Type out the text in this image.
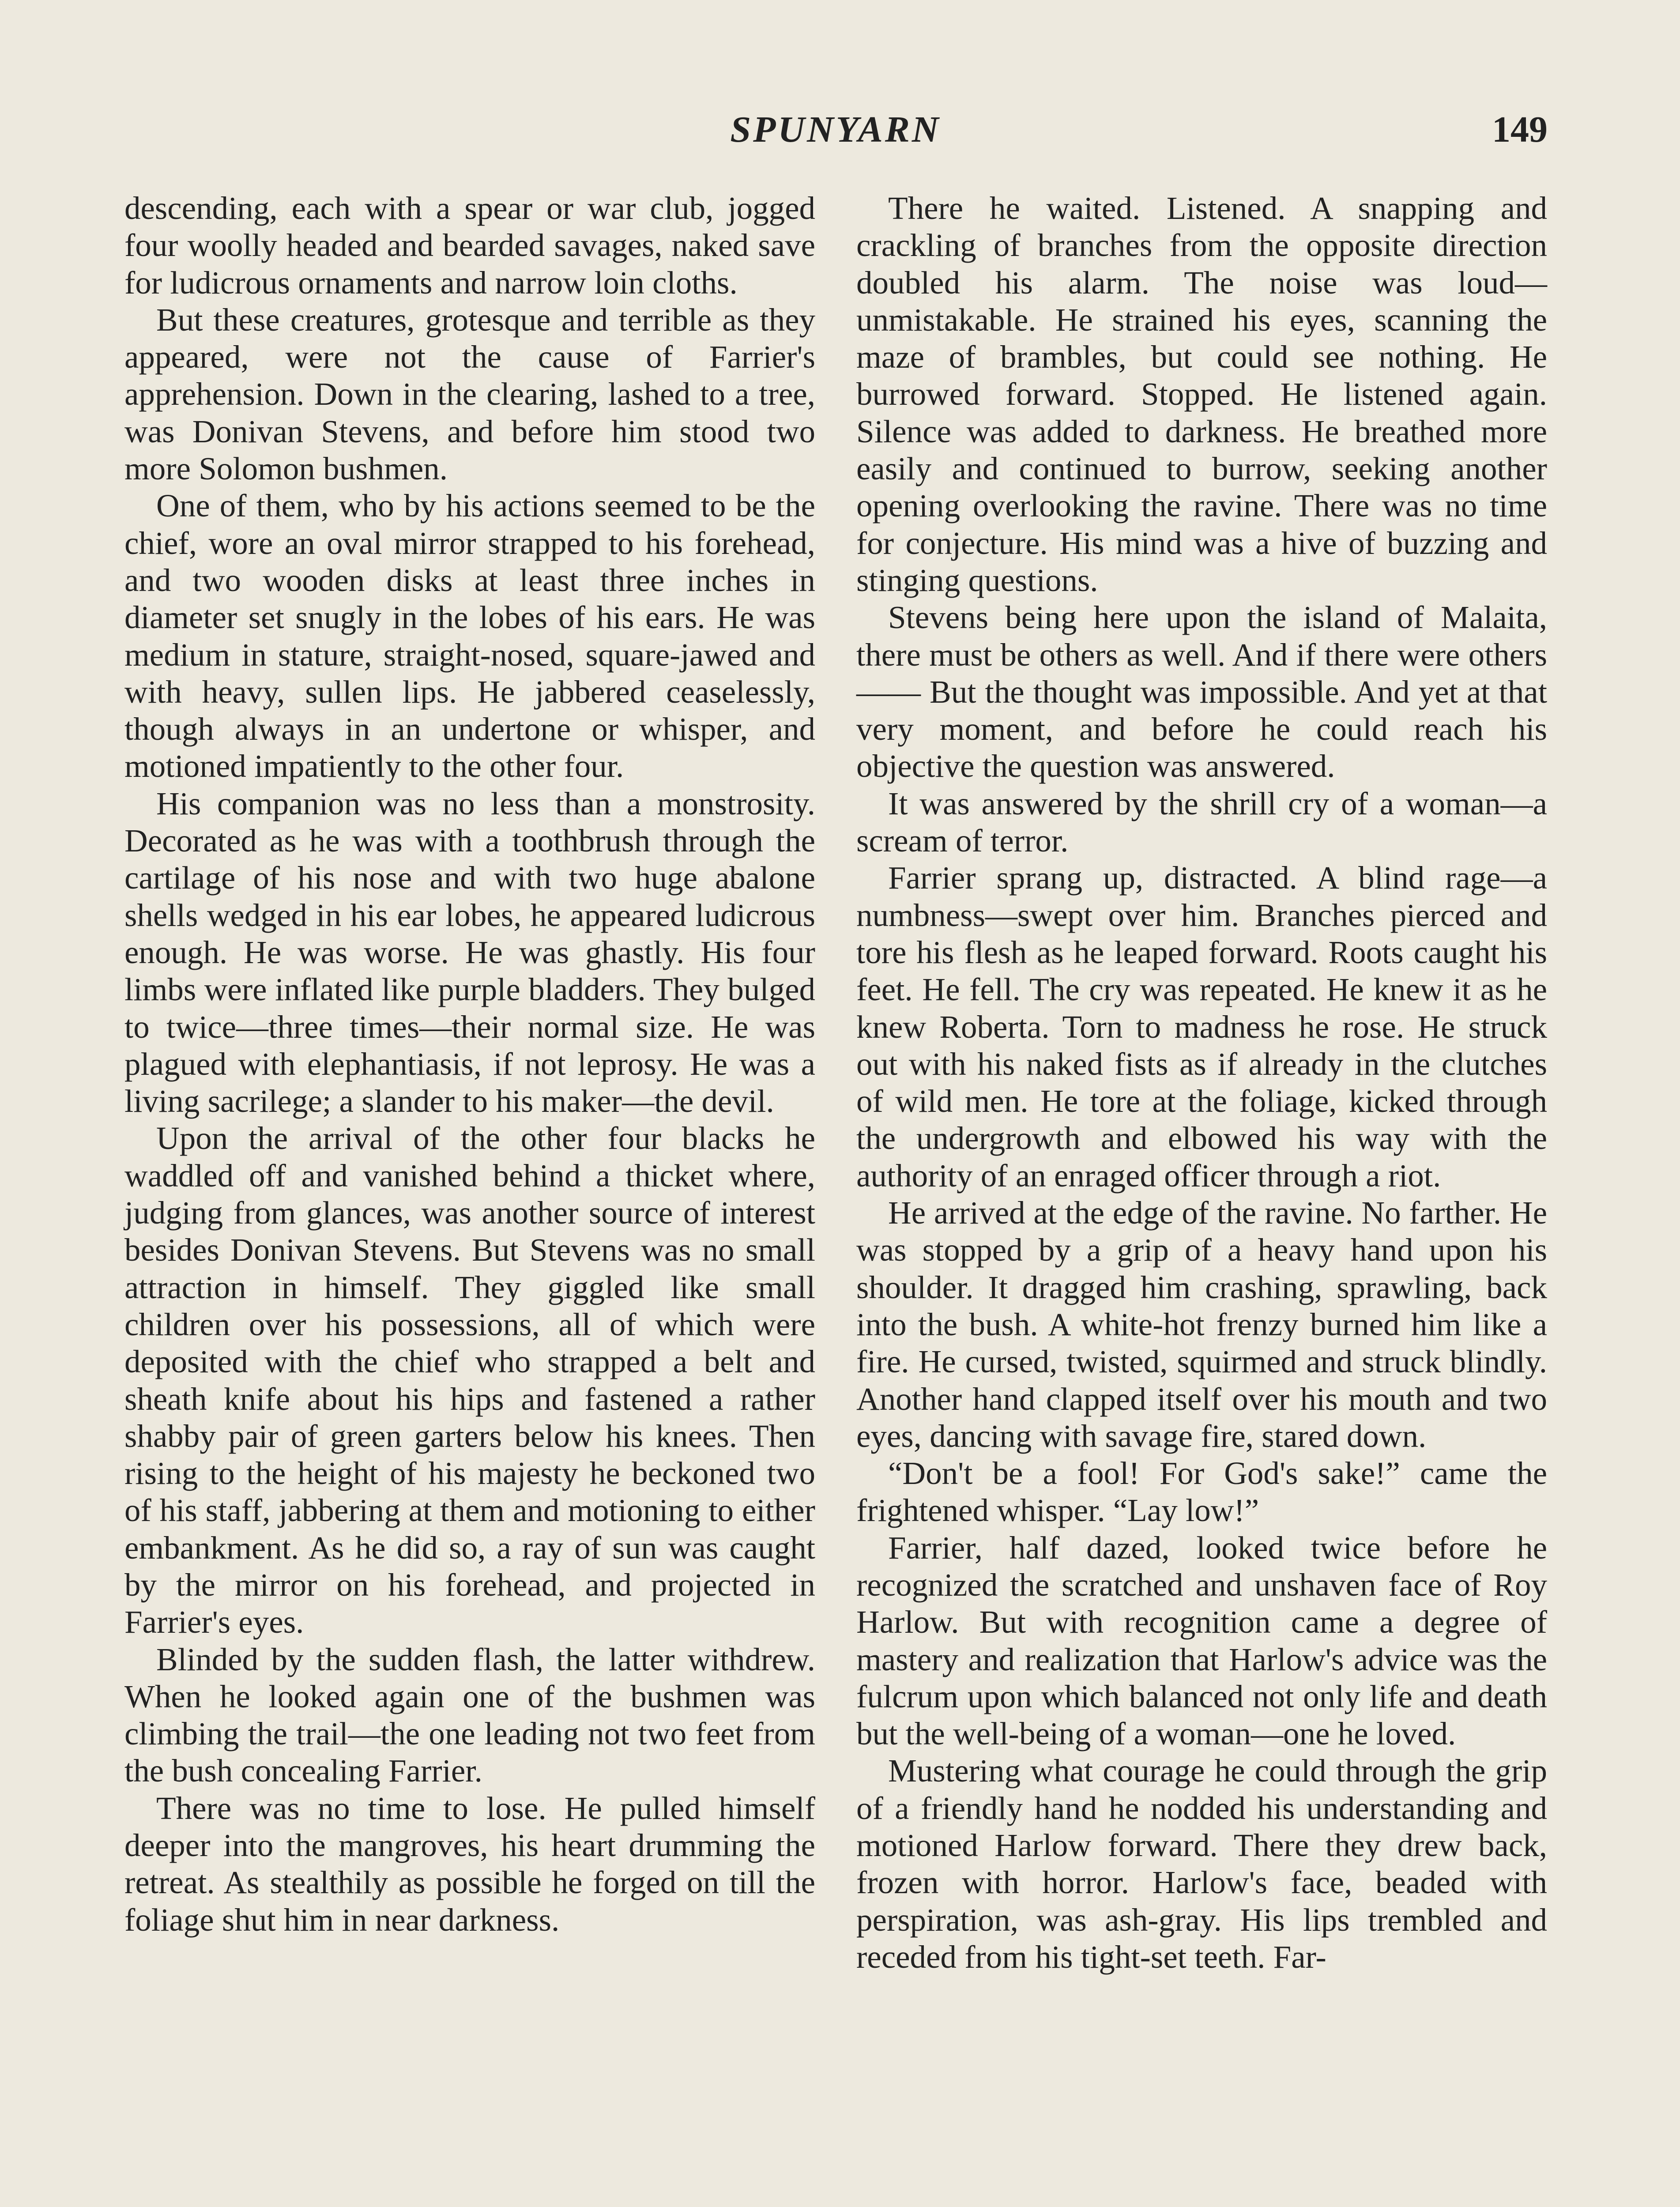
SPUNYARN	149

descending, each with a spear or war club, jogged four woolly headed and bearded savages, naked save for ludicrous ornaments and narrow loin cloths.

But these creatures, grotesque and terrible as they appeared, were not the cause of Farrier's apprehension. Down in the clearing, lashed to a tree, was Donivan Stevens, and before him stood two more Solomon bushmen.

One of them, who by his actions seemed to be the chief, wore an oval mirror strapped to his forehead, and two wooden disks at least three inches in diameter set snugly in the lobes of his ears. He was medium in stature, straight-nosed, square-jawed and with heavy, sullen lips. He jabbered ceaselessly, though always in an undertone or whisper, and motioned impatiently to the other four.

His companion was no less than a monstrosity. Decorated as he was with a toothbrush through the cartilage of his nose and with two huge abalone shells wedged in his ear lobes, he appeared ludicrous enough. He was worse. He was ghastly. His four limbs were inflated like purple bladders. They bulged to twice—three times—their normal size. He was plagued with elephantiasis, if not leprosy. He was a living sacrilege; a slander to his maker—the devil.

Upon the arrival of the other four blacks he waddled off and vanished behind a thicket where, judging from glances, was another source of interest besides Donivan Stevens. But Stevens was no small attraction in himself. They giggled like small children over his possessions, all of which were deposited with the chief who strapped a belt and sheath knife about his hips and fastened a rather shabby pair of green garters below his knees. Then rising to the height of his majesty he beckoned two of his staff, jabbering at them and motioning to either embankment. As he did so, a ray of sun was caught by the mirror on his forehead, and projected in Farrier's eyes.

Blinded by the sudden flash, the latter withdrew. When he looked again one of the bushmen was climbing the trail—the one leading not two feet from the bush concealing Farrier.

There was no time to lose. He pulled himself deeper into the mangroves, his heart drumming the retreat. As stealthily as possible he forged on till the foliage shut him in near darkness.

There he waited. Listened. A snapping and crackling of branches from the opposite direction doubled his alarm. The noise was loud—unmistakable. He strained his eyes, scanning the maze of brambles, but could see nothing. He burrowed forward. Stopped. He listened again. Silence was added to darkness. He breathed more easily and continued to burrow, seeking another opening overlooking the ravine. There was no time for conjecture. His mind was a hive of buzzing and stinging questions.

Stevens being here upon the island of Malaita, there must be others as well. And if there were others—— But the thought was impossible. And yet at that very moment, and before he could reach his objective the question was answered.

It was answered by the shrill cry of a woman—a scream of terror.

Farrier sprang up, distracted. A blind rage—a numbness—swept over him. Branches pierced and tore his flesh as he leaped forward. Roots caught his feet. He fell. The cry was repeated. He knew it as he knew Roberta. Torn to madness he rose. He struck out with his naked fists as if already in the clutches of wild men. He tore at the foliage, kicked through the undergrowth and elbowed his way with the authority of an enraged officer through a riot.

He arrived at the edge of the ravine. No farther. He was stopped by a grip of a heavy hand upon his shoulder. It dragged him crashing, sprawling, back into the bush. A white-hot frenzy burned him like a fire. He cursed, twisted, squirmed and struck blindly. Another hand clapped itself over his mouth and two eyes, dancing with savage fire, stared down.

“Don't be a fool! For God's sake!” came the frightened whisper. “Lay low!”

Farrier, half dazed, looked twice before he recognized the scratched and unshaven face of Roy Harlow. But with recognition came a degree of mastery and realization that Harlow's advice was the fulcrum upon which balanced not only life and death but the well-being of a woman—one he loved.

Mustering what courage he could through the grip of a friendly hand he nodded his understanding and motioned Harlow forward. There they drew back, frozen with horror. Harlow's face, beaded with perspiration, was ash-gray. His lips trembled and receded from his tight-set teeth. Far-
